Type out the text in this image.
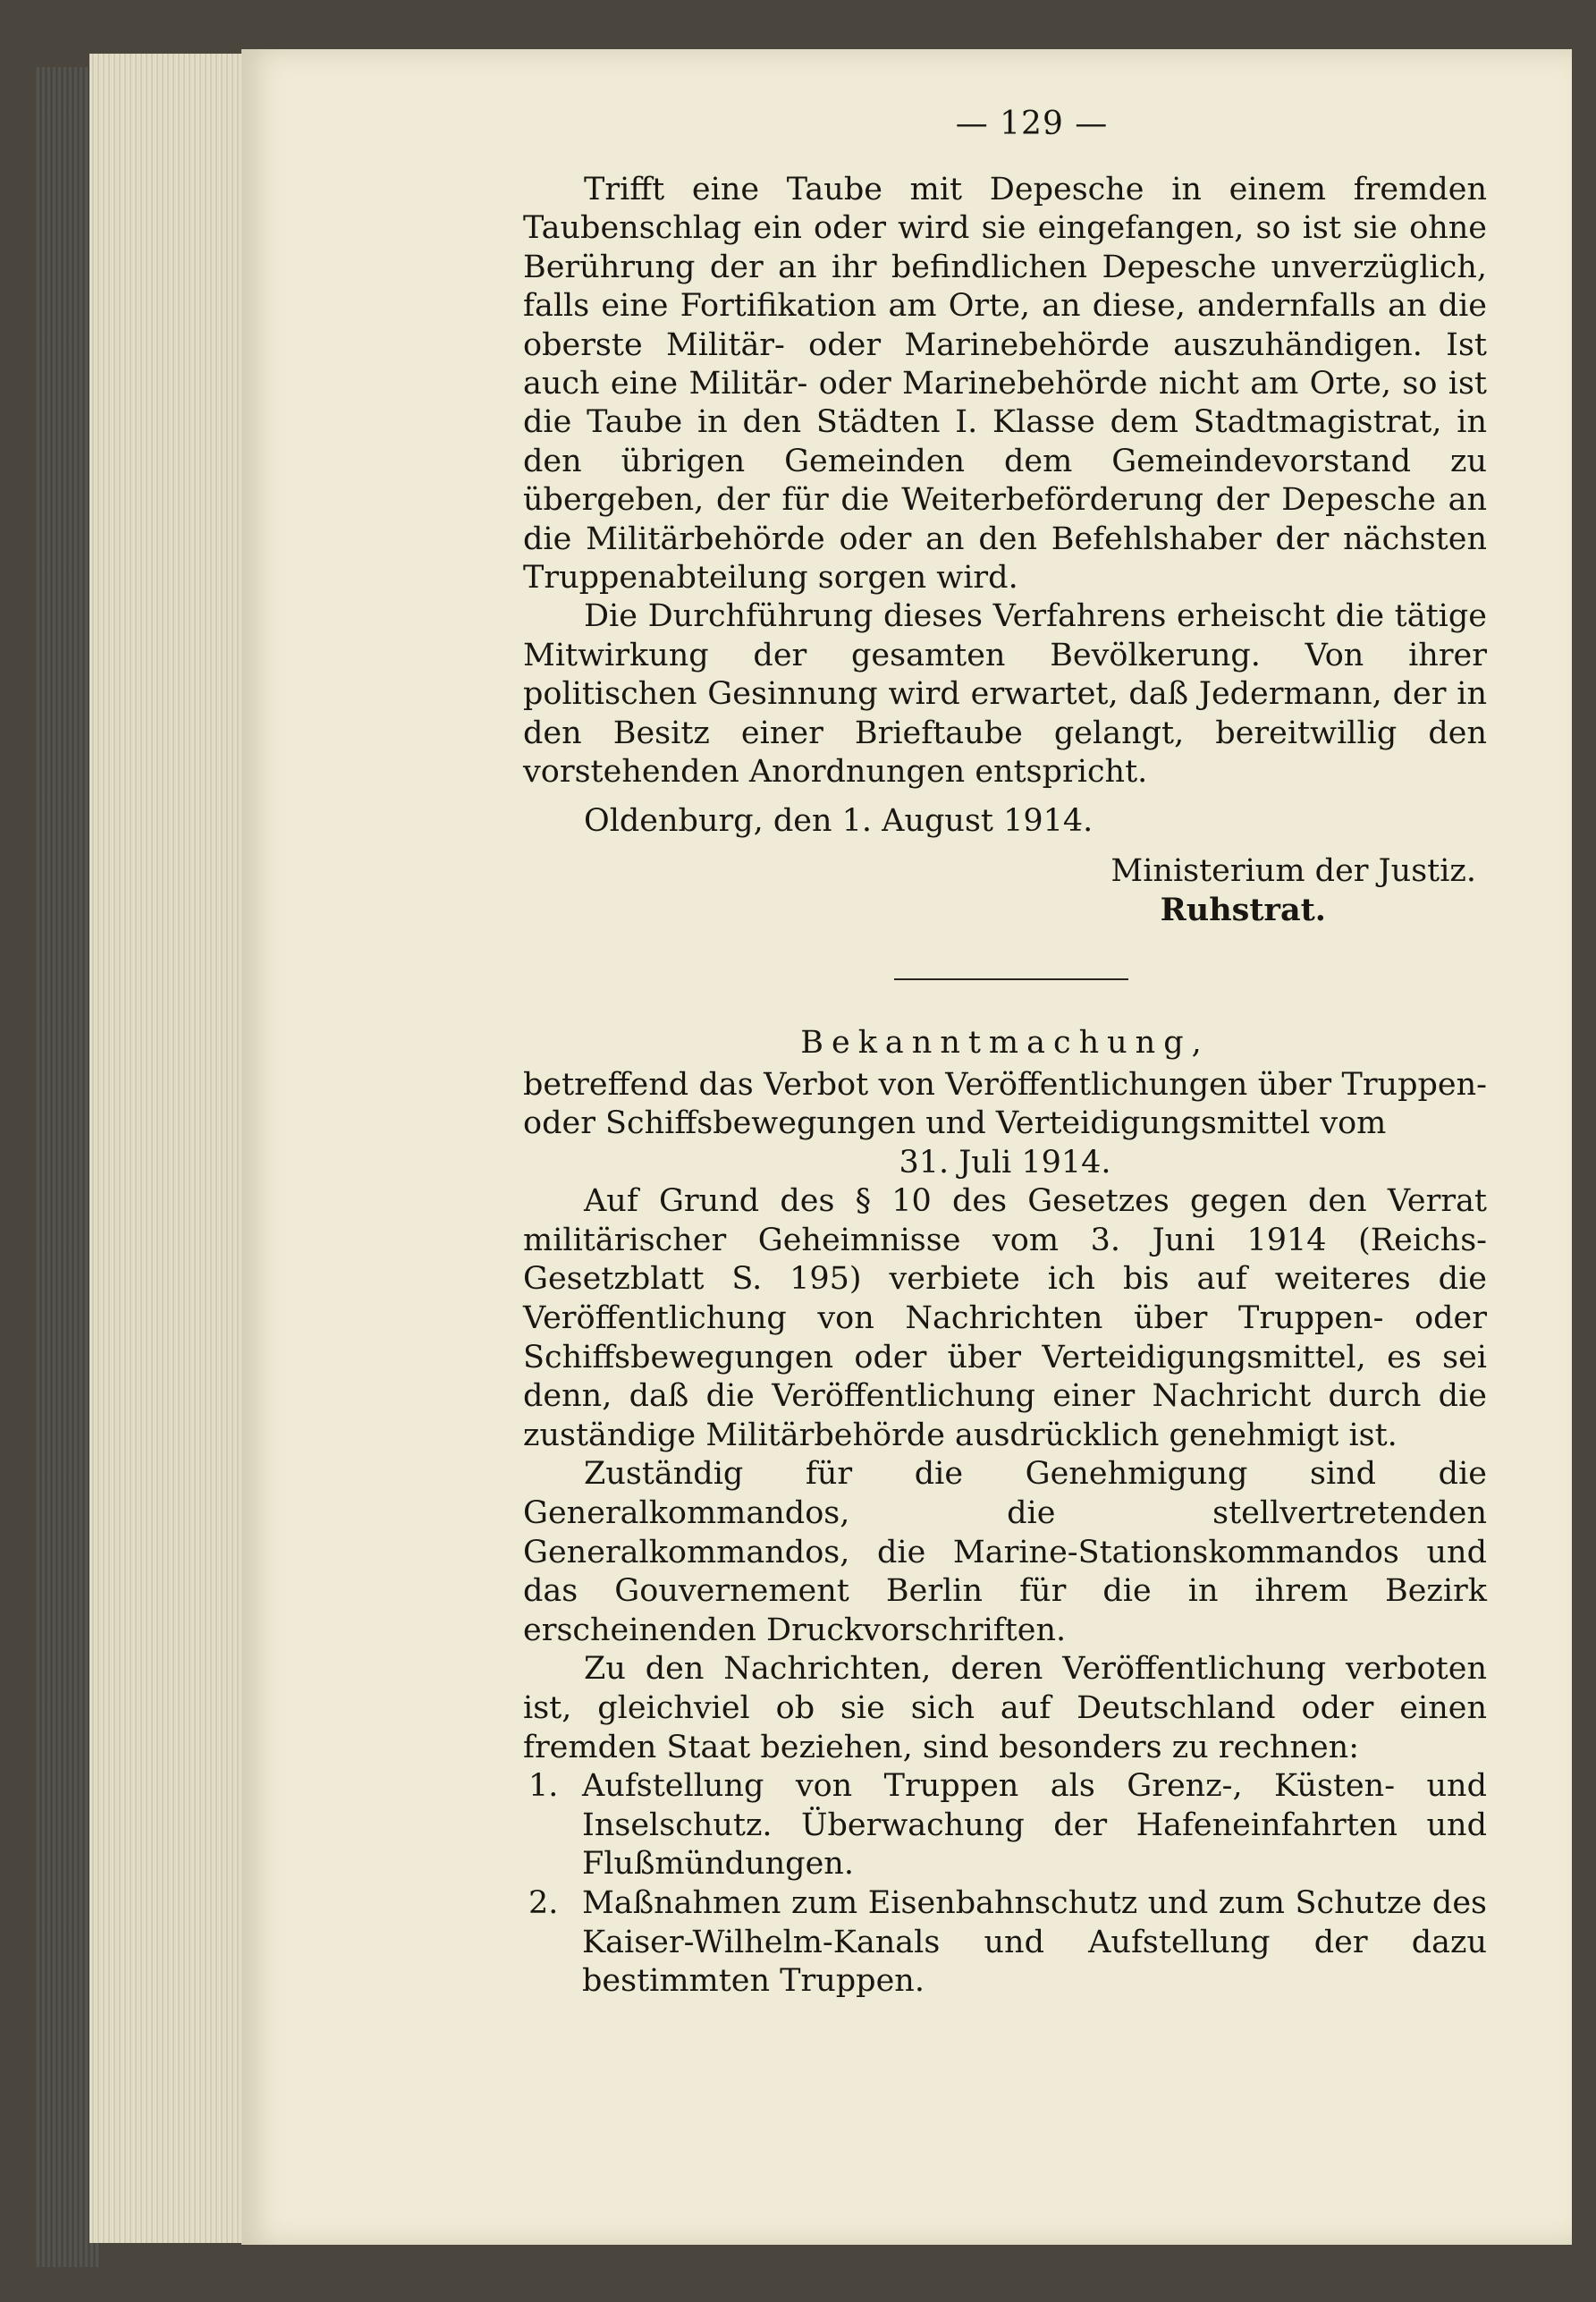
— 129 —

Trifft eine Taube mit Depesche in einem fremden Taubenschlag ein oder wird sie eingefangen, so ist sie ohne Berührung der an ihr befindlichen Depesche unverzüglich, falls eine Fortifikation am Orte, an diese, andernfalls an die oberste Militär- oder Marinebehörde auszuhändigen. Ist auch eine Militär- oder Marinebehörde nicht am Orte, so ist die Taube in den Städten I. Klasse dem Stadtmagistrat, in den übrigen Gemeinden dem Gemeindevorstand zu übergeben, der für die Weiterbeförderung der Depesche an die Militärbehörde oder an den Befehlshaber der nächsten Truppenabteilung sorgen wird.

Die Durchführung dieses Verfahrens erheischt die tätige Mitwirkung der gesamten Bevölkerung. Von ihrer politischen Gesinnung wird erwartet, daß Jedermann, der in den Besitz einer Brieftaube gelangt, bereitwillig den vorstehenden Anordnungen entspricht.

Oldenburg, den 1. August 1914.

Ministerium der Justiz.

Ruhstrat.

Bekanntmachung,

betreffend das Verbot von Veröffentlichungen über Truppen- oder Schiffsbewegungen und Verteidigungsmittel vom

31. Juli 1914.

Auf Grund des § 10 des Gesetzes gegen den Verrat militärischer Geheimnisse vom 3. Juni 1914 (Reichs-Gesetzblatt S. 195) verbiete ich bis auf weiteres die Veröffentlichung von Nachrichten über Truppen- oder Schiffsbewegungen oder über Verteidigungsmittel, es sei denn, daß die Veröffentlichung einer Nachricht durch die zuständige Militärbehörde ausdrücklich genehmigt ist.

Zuständig für die Genehmigung sind die Generalkommandos, die stellvertretenden Generalkommandos, die Marine-Stationskommandos und das Gouvernement Berlin für die in ihrem Bezirk erscheinenden Druckvorschriften.

Zu den Nachrichten, deren Veröffentlichung verboten ist, gleichviel ob sie sich auf Deutschland oder einen fremden Staat beziehen, sind besonders zu rechnen:

1. Aufstellung von Truppen als Grenz-, Küsten- und Inselschutz. Überwachung der Hafeneinfahrten und Flußmündungen.
2. Maßnahmen zum Eisenbahnschutz und zum Schutze des Kaiser-Wilhelm-Kanals und Aufstellung der dazu bestimmten Truppen.
